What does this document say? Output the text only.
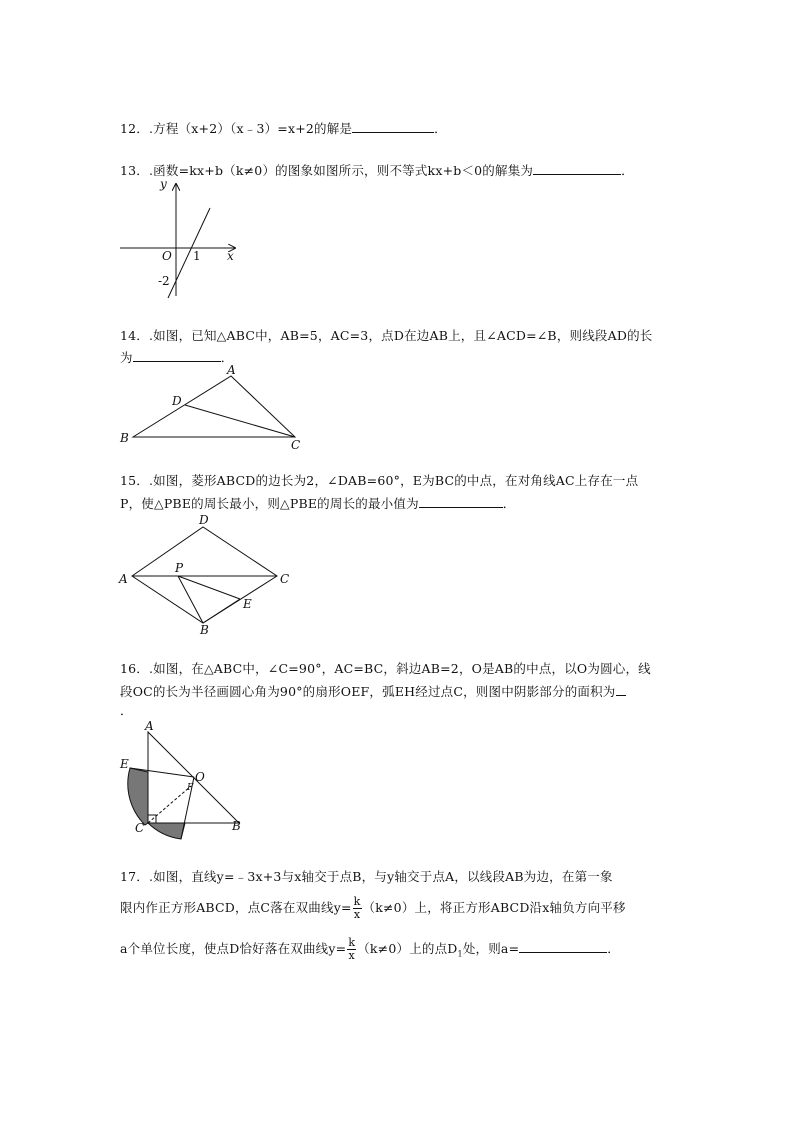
12．.方程（x+2）（x﹣3）=x+2的解是	．
13．.函数=kx+b（k≠0）的图象如图所示，则不等式kx+b＜0的解集为	．
y
x
O 1
-2
14．.如图，已知△ABC中，AB=5，AC=3，点D在边AB上，且∠ACD=∠B，则线段AD的长
为	．
A
B	C
D
15．.如图，菱形ABCD的边长为2，∠DAB=60°，E为BC的中点，在对角线AC上存在一点
P，使△PBE的周长最小，则△PBE的周长的最小值为	．
A
D
C
B
E
P
16．.如图，在△ABC中，∠C=90°，AC=BC，斜边AB=2，O是AB的中点，以O为圆心，线
段OC的长为半径画圆心角为90°的扇形OEF，弧EH经过点C，则图中阴影部分的面积为
．
A
E
O
F
C	B
17．.如图，直线y=﹣3x+3与x轴交于点B，与y轴交于点A，以线段AB为边，在第一象
限内作正方形ABCD，点C落在双曲线$y= \frac{k}{x} (k\ne 0)$上，将正方形ABCD沿x轴负方向平移
a个单位长度，使点D恰好落在双曲线$y= \frac{k}{x} (k\ne 0)$上的点$D_1$处，则a=	．
